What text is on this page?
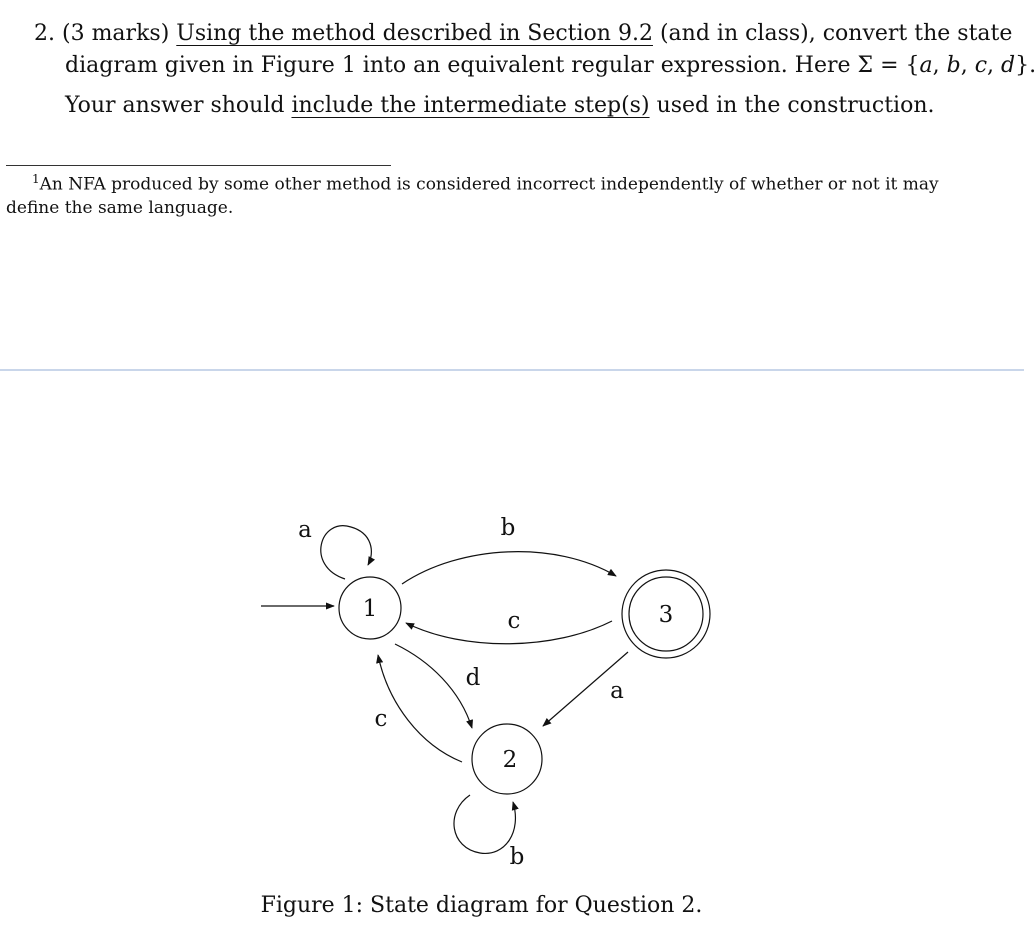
2. (3 marks) Using the method described in Section 9.2 (and in class), convert the state
diagram given in Figure 1 into an equivalent regular expression. Here Σ = {a, b, c, d}.
Your answer should include the intermediate step(s) used in the construction.
$^1$An NFA produced by some other method is considered incorrect independently of whether or not it may
define the same language.
1
2
3
a	b
c
d
c
a
b
Figure 1: State diagram for Question 2.
